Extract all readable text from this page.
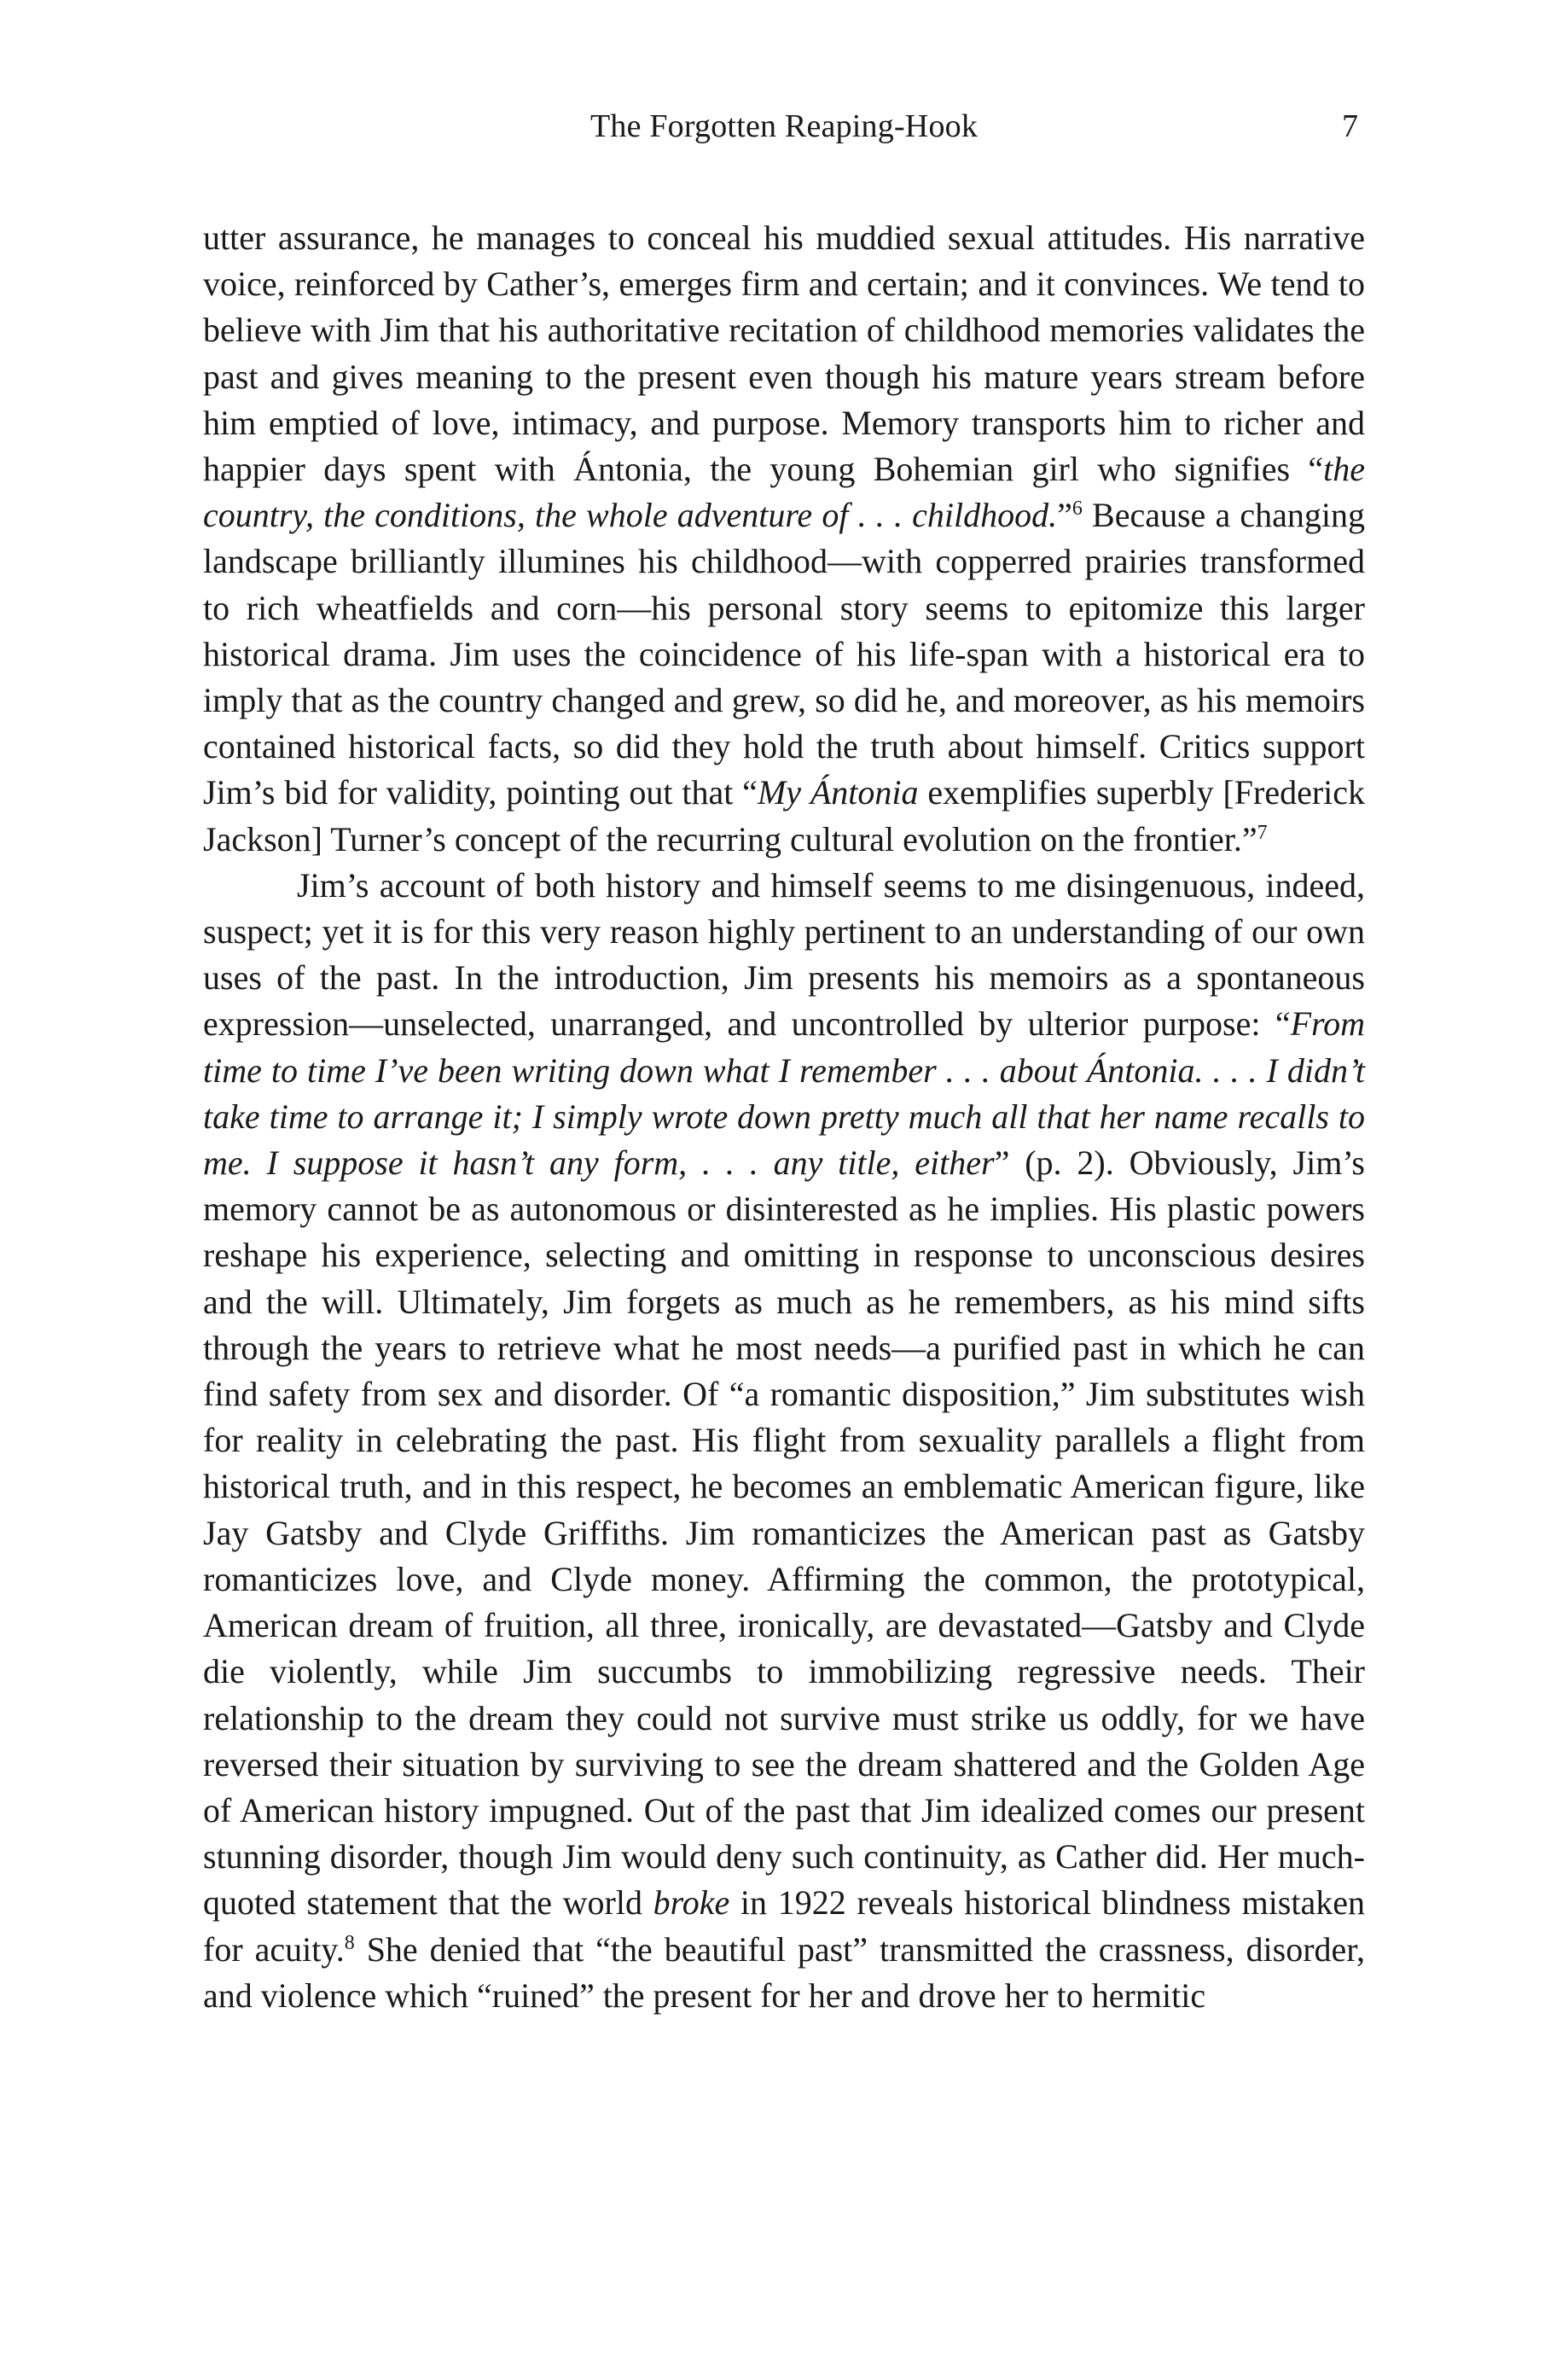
The Forgotten Reaping-Hook	7

utter assurance, he manages to conceal his muddied sexual attitudes. His narrative voice, reinforced by Cather’s, emerges firm and certain; and it convinces. We tend to believe with Jim that his authoritative recitation of childhood memories validates the past and gives meaning to the present even though his mature years stream before him emptied of love, intimacy, and purpose. Memory transports him to richer and happier days spent with Ántonia, the young Bohemian girl who signifies “the country, the conditions, the whole adventure of . . . childhood.”$^6$ Because a changing landscape brilliantly illumines his childhood—with copperred prairies transformed to rich wheatfields and corn—his personal story seems to epitomize this larger historical drama. Jim uses the coincidence of his life-span with a historical era to imply that as the country changed and grew, so did he, and moreover, as his memoirs contained historical facts, so did they hold the truth about himself. Critics support Jim’s bid for validity, pointing out that “My Ántonia exemplifies superbly [Frederick Jackson] Turner’s concept of the recurring cultural evolution on the frontier.”$^7$

Jim’s account of both history and himself seems to me disingenuous, indeed, suspect; yet it is for this very reason highly pertinent to an understanding of our own uses of the past. In the introduction, Jim presents his memoirs as a spontaneous expression—unselected, unarranged, and uncontrolled by ulterior purpose: “From time to time I’ve been writing down what I remember . . . about Ántonia. . . . I didn’t take time to arrange it; I simply wrote down pretty much all that her name recalls to me. I suppose it hasn’t any form, . . . any title, either” (p. 2). Obviously, Jim’s memory cannot be as autonomous or disinterested as he implies. His plastic powers reshape his experience, selecting and omitting in response to unconscious desires and the will. Ultimately, Jim forgets as much as he remembers, as his mind sifts through the years to retrieve what he most needs—a purified past in which he can find safety from sex and disorder. Of “a romantic disposition,” Jim substitutes wish for reality in celebrating the past. His flight from sexuality parallels a flight from historical truth, and in this respect, he becomes an emblematic American figure, like Jay Gatsby and Clyde Griffiths. Jim romanticizes the American past as Gatsby romanticizes love, and Clyde money. Affirming the common, the prototypical, American dream of fruition, all three, ironically, are devastated—Gatsby and Clyde die violently, while Jim succumbs to immobilizing regressive needs. Their relationship to the dream they could not survive must strike us oddly, for we have reversed their situation by surviving to see the dream shattered and the Golden Age of American history impugned. Out of the past that Jim idealized comes our present stunning disorder, though Jim would deny such continuity, as Cather did. Her much-quoted statement that the world broke in 1922 reveals historical blindness mistaken for acuity.$^8$ She denied that “the beautiful past” transmitted the crassness, disorder, and violence which “ruined” the present for her and drove her to hermitic
